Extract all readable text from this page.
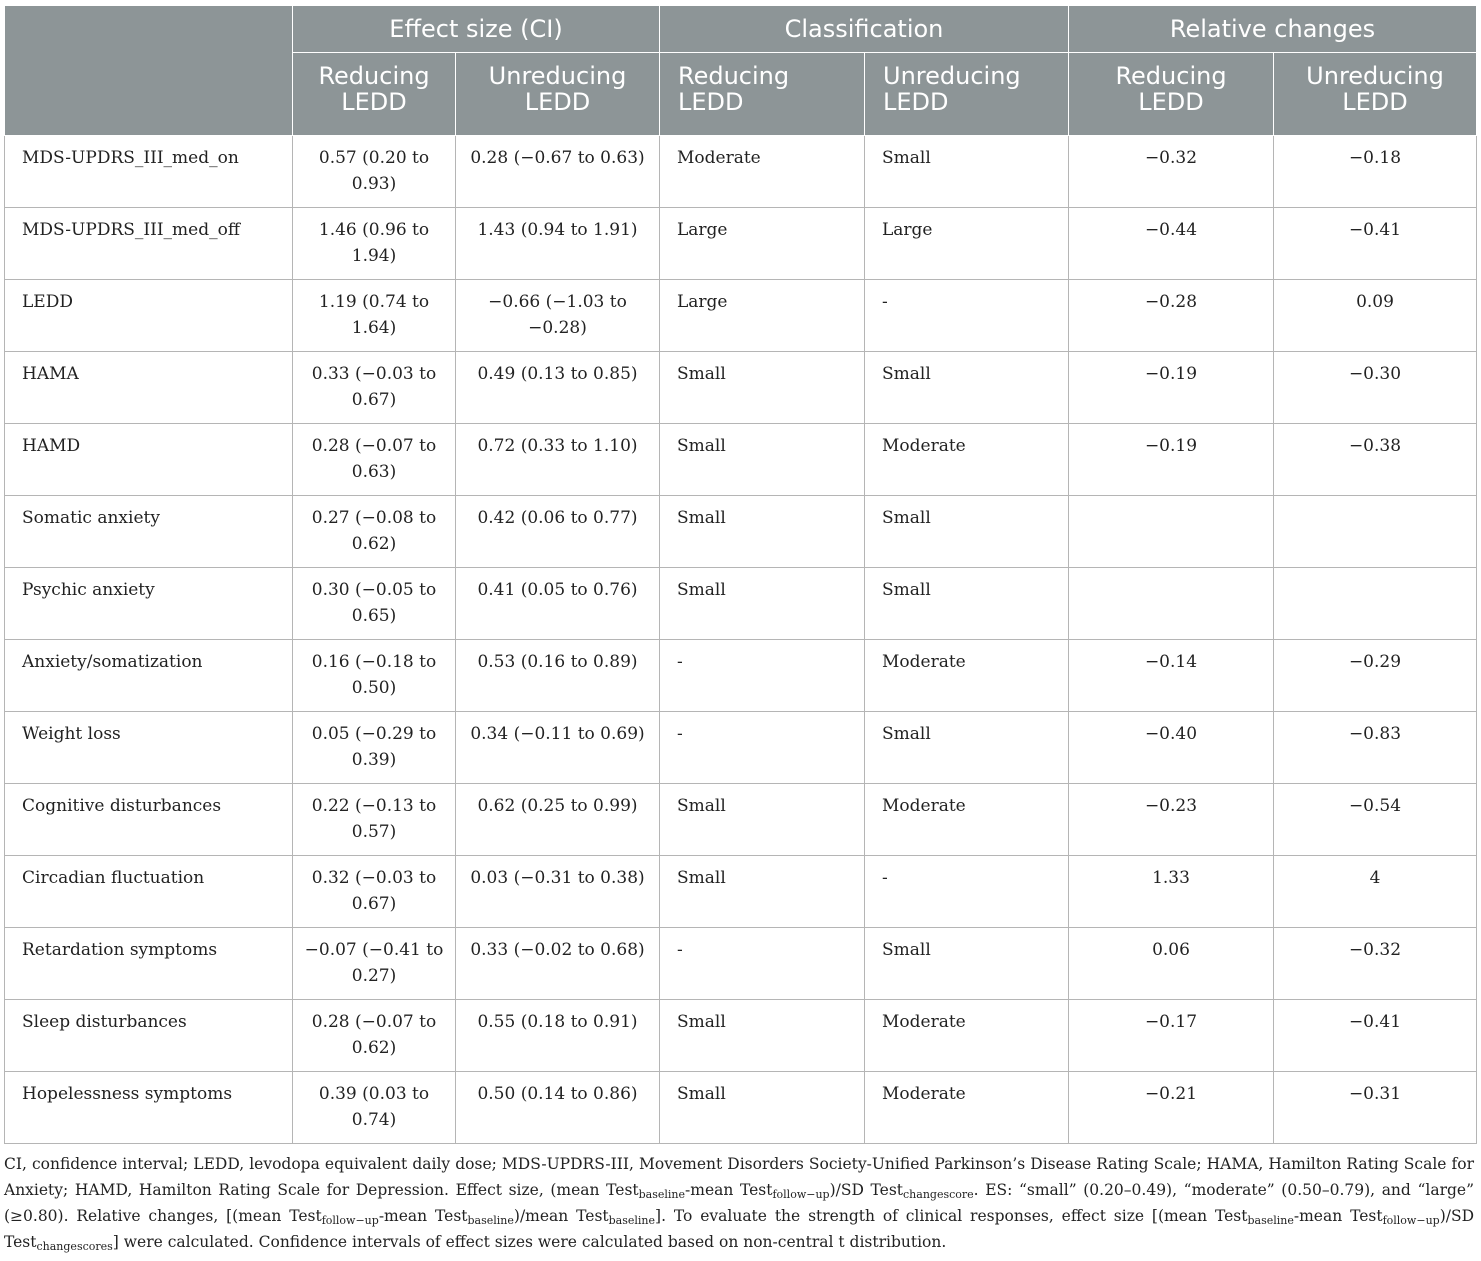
	Effect size (CI)		Classification		Relative changes	
	Reducing LEDD	Unreducing LEDD	Reducing LEDD	Unreducing LEDD	Reducing LEDD	Unreducing LEDD
MDS-UPDRS_III_med_on	0.57 (0.20 to 0.93)	0.28 (−0.67 to 0.63)	Moderate	Small	−0.32	−0.18
MDS-UPDRS_III_med_off	1.46 (0.96 to 1.94)	1.43 (0.94 to 1.91)	Large	Large	−0.44	−0.41
LEDD	1.19 (0.74 to 1.64)	−0.66 (−1.03 to −0.28)	Large	-	−0.28	0.09
HAMA	0.33 (−0.03 to 0.67)	0.49 (0.13 to 0.85)	Small	Small	−0.19	−0.30
HAMD	0.28 (−0.07 to 0.63)	0.72 (0.33 to 1.10)	Small	Moderate	−0.19	−0.38
Somatic anxiety	0.27 (−0.08 to 0.62)	0.42 (0.06 to 0.77)	Small	Small		
Psychic anxiety	0.30 (−0.05 to 0.65)	0.41 (0.05 to 0.76)	Small	Small		
Anxiety/somatization	0.16 (−0.18 to 0.50)	0.53 (0.16 to 0.89)	-	Moderate	−0.14	−0.29
Weight loss	0.05 (−0.29 to 0.39)	0.34 (−0.11 to 0.69)	-	Small	−0.40	−0.83
Cognitive disturbances	0.22 (−0.13 to 0.57)	0.62 (0.25 to 0.99)	Small	Moderate	−0.23	−0.54
Circadian fluctuation	0.32 (−0.03 to 0.67)	0.03 (−0.31 to 0.38)	Small	-	1.33	4
Retardation symptoms	−0.07 (−0.41 to 0.27)	0.33 (−0.02 to 0.68)	-	Small	0.06	−0.32
Sleep disturbances	0.28 (−0.07 to 0.62)	0.55 (0.18 to 0.91)	Small	Moderate	−0.17	−0.41
Hopelessness symptoms	0.39 (0.03 to 0.74)	0.50 (0.14 to 0.86)	Small	Moderate	−0.21	−0.31
CI, confidence interval; LEDD, levodopa equivalent daily dose; MDS-UPDRS-III, Movement Disorders Society-Unified Parkinson’s Disease Rating Scale; HAMA, Hamilton Rating Scale for Anxiety; HAMD, Hamilton Rating Scale for Depression. Effect size, (mean Test$_{baseline}$-mean Test$_{follow-up}$)/SD Test$_{changescore}$. ES: “small” (0.20–0.49), “moderate” (0.50–0.79), and “large” (≥0.80). Relative changes, [(mean Test$_{follow-up}$-mean Test$_{baseline}$)/mean Test$_{baseline}$]. To evaluate the strength of clinical responses, effect size [(mean Test$_{baseline}$-mean Test$_{follow-up}$)/SD Test$_{changescores}$] were calculated. Confidence intervals of effect sizes were calculated based on non-central t distribution.
